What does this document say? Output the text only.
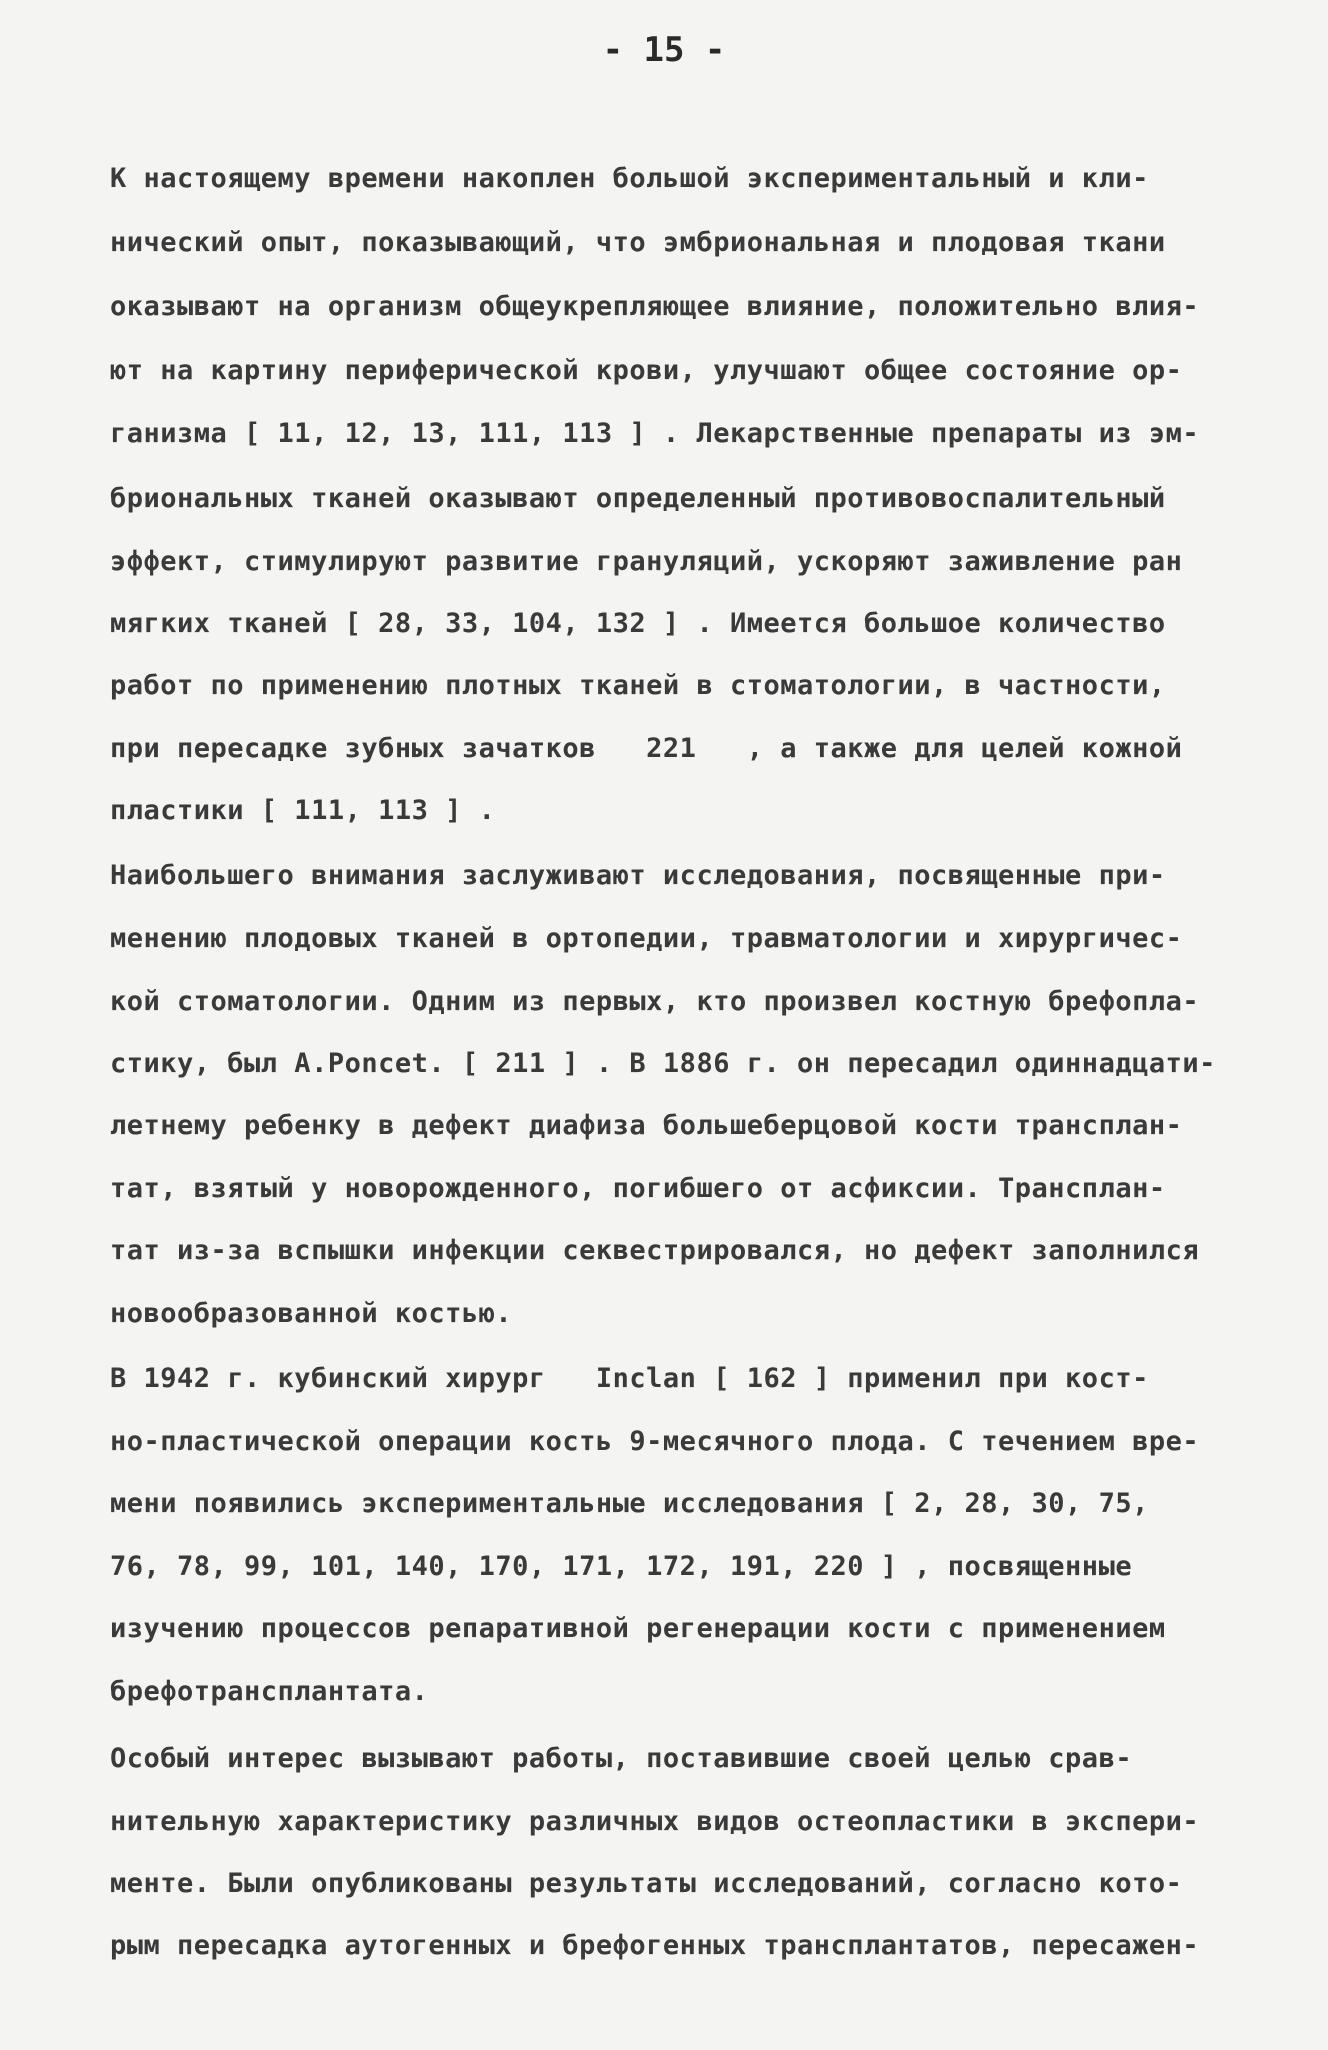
- 15 -
К настоящему времени накоплен большой экспериментальный и кли-
нический опыт, показывающий, что эмбриональная и плодовая ткани
оказывают на организм общеукрепляющее влияние, положительно влия-
ют на картину периферической крови, улучшают общее состояние ор-
ганизма [ 11, 12, 13, 111, 113 ] . Лекарственные препараты из эм-
бриональных тканей оказывают определенный противовоспалительный
эффект, стимулируют развитие грануляций, ускоряют заживление ран
мягких тканей [ 28, 33, 104, 132 ] . Имеется большое количество
работ по применению плотных тканей в стоматологии, в частности,
при пересадке зубных зачатков   221   , а также для целей кожной
пластики [ 111, 113 ] .
Наибольшего внимания заслуживают исследования, посвященные при-
менению плодовых тканей в ортопедии, травматологии и хирургичес-
кой стоматологии. Одним из первых, кто произвел костную брефопла-
стику, был A.Poncet. [ 211 ] . В 1886 г. он пересадил одиннадцати-
летнему ребенку в дефект диафиза большеберцовой кости трансплан-
тат, взятый у новорожденного, погибшего от асфиксии. Трансплан-
тат из-за вспышки инфекции секвестрировался, но дефект заполнился
новообразованной костью.
В 1942 г. кубинский хирург   Inclan [ 162 ] применил при кост-
но-пластической операции кость 9-месячного плода. С течением вре-
мени появились экспериментальные исследования [ 2, 28, 30, 75,
76, 78, 99, 101, 140, 170, 171, 172, 191, 220 ] , посвященные
изучению процессов репаративной регенерации кости с применением
брефотрансплантата.
Особый интерес вызывают работы, поставившие своей целью срав-
нительную характеристику различных видов остеопластики в экспери-
менте. Были опубликованы результаты исследований, согласно кото-
рым пересадка аутогенных и брефогенных трансплантатов, пересажен-
